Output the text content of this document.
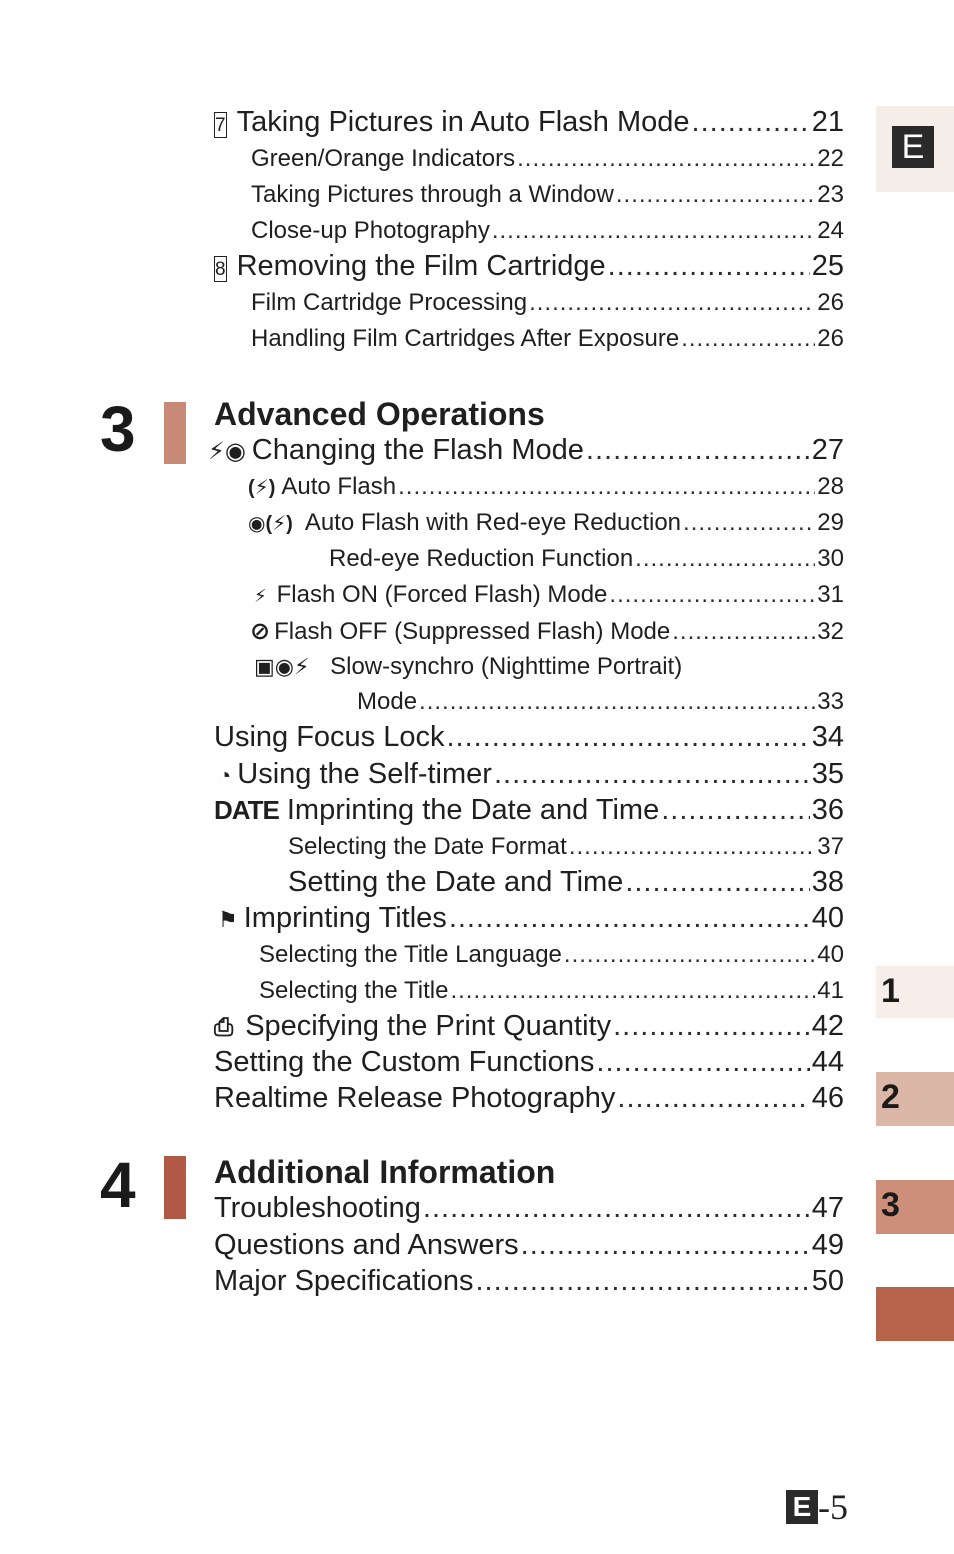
E
1
2
3
7 Taking Pictures in Auto Flash Mode .....	21
Green/Orange Indicators .....	22
Taking Pictures through a Window .....	23
Close-up Photography .....	24
8 Removing the Film Cartridge .....	25
Film Cartridge Processing .....	26
Handling Film Cartridges After Exposure .....	26
3 Advanced Operations
⚡◉ Changing the Flash Mode .....	27
(⚡) Auto Flash .....	28
◉(⚡) Auto Flash with Red-eye Reduction .....	29
Red-eye Reduction Function .....	30
⚡ Flash ON (Forced Flash) Mode .....	31
⊘ Flash OFF (Suppressed Flash) Mode .....	32
▣◉⚡ Slow-synchro (Nighttime Portrait)
Mode .....	33
Using Focus Lock .....	34
◔ Using the Self-timer .....	35
DATE Imprinting the Date and Time .....	36
Selecting the Date Format .....	37
Setting the Date and Time .....	38
⚑ Imprinting Titles .....	40
Selecting the Title Language .....	40
Selecting the Title .....	41
⎙ Specifying the Print Quantity .....	42
Setting the Custom Functions .....	44
Realtime Release Photography .....	46
4 Additional Information
Troubleshooting .....	47
Questions and Answers .....	49
Major Specifications .....	50
E -5
